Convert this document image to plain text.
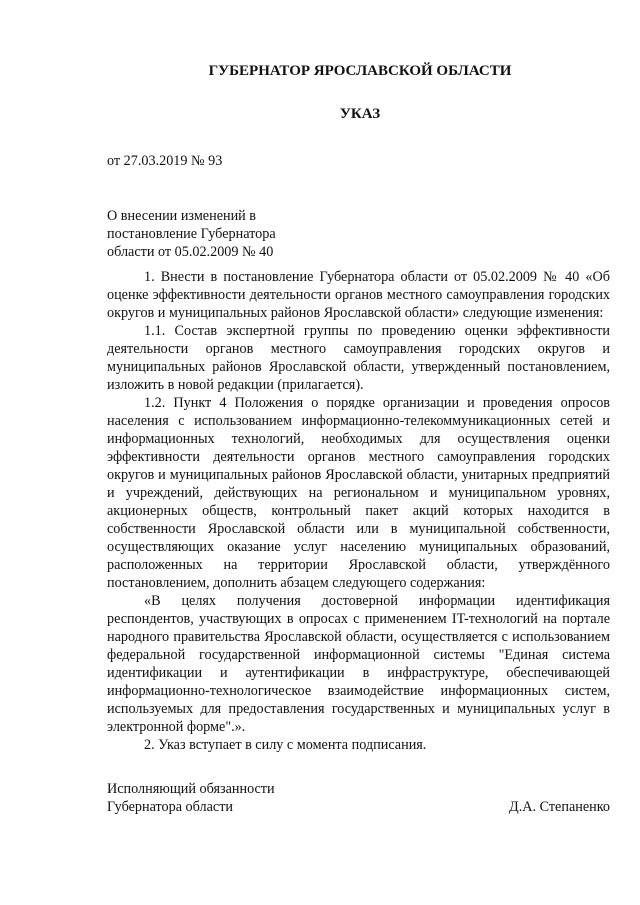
ГУБЕРНАТОР ЯРОСЛАВСКОЙ ОБЛАСТИ
УКАЗ
от 27.03.2019 № 93
О внесении изменений в
постановление Губернатора
области от 05.02.2009 № 40

1. Внести в постановление Губернатора области от 05.02.2009 № 40 «Об оценке эффективности деятельности органов местного самоуправления городских округов и муниципальных районов Ярославской области» следующие изменения:

1.1. Состав экспертной группы по проведению оценки эффективности деятельности органов местного самоуправления городских округов и муниципальных районов Ярославской области, утвержденный постановлением, изложить в новой редакции (прилагается).

1.2. Пункт 4 Положения о порядке организации и проведения опросов населения с использованием информационно-телекоммуникационных сетей и информационных технологий, необходимых для осуществления оценки эффективности деятельности органов местного самоуправления городских округов и муниципальных районов Ярославской области, унитарных предприятий и учреждений, действующих на региональном и муниципальном уровнях, акционерных обществ, контрольный пакет акций которых находится в собственности Ярославской области или в муниципальной собственности, осуществляющих оказание услуг населению муниципальных образований, расположенных на территории Ярославской области, утверждённого постановлением, дополнить абзацем следующего содержания:

«В целях получения достоверной информации идентификация респондентов, участвующих в опросах с применением IT-технологий на портале народного правительства Ярославской области, осуществляется с использованием федеральной государственной информационной системы "Единая система идентификации и аутентификации в инфраструктуре, обеспечивающей информационно-технологическое взаимодействие информационных систем, используемых для предоставления государственных и муниципальных услуг в электронной форме".».

2. Указ вступает в силу с момента подписания.

Исполняющий обязанности
Губернатора области	Д.А. Степаненко
